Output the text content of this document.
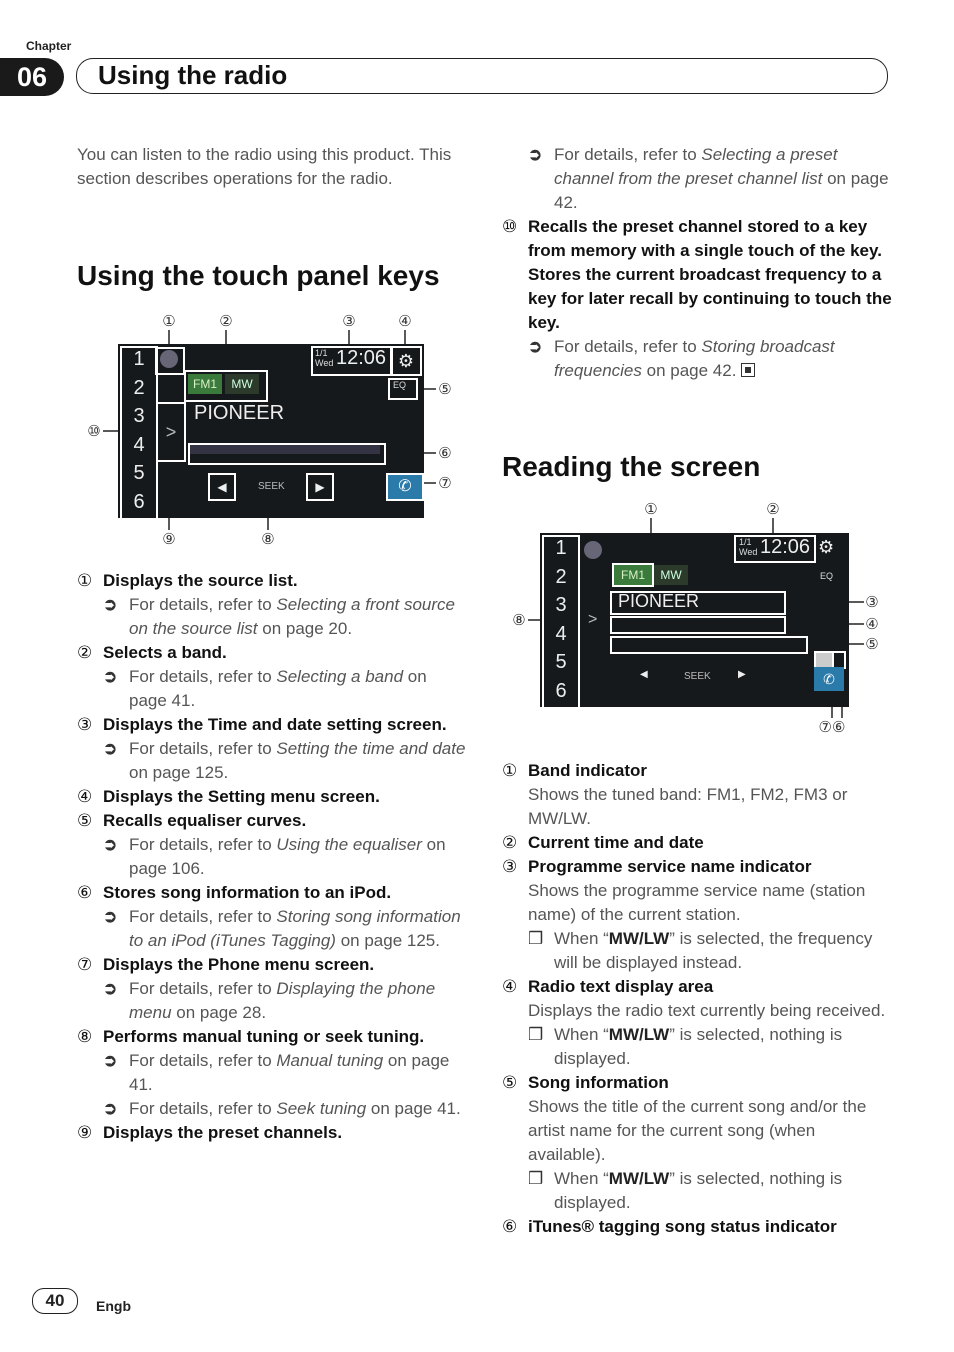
Chapter
06	Using the radio
You can listen to the radio using this product. This section describes operations for the radio.
Using the touch panel keys
1
2
3
4
5
6
FM1	MW
1/1
Wed 12:06 ⚙
EQ
>
PIONEER
✆
◀	SEEK	▶
①	②	③	④
⑤
⑥
⑦
⑧
⑨
⑩
① Displays the source list.
➲ For details, refer to Selecting a front source on the source list on page 20.
② Selects a band.
➲ For details, refer to Selecting a band on page 41.
③ Displays the Time and date setting screen.
➲ For details, refer to Setting the time and date on page 125.
④ Displays the Setting menu screen.
⑤ Recalls equaliser curves.
➲ For details, refer to Using the equaliser on page 106.
⑥ Stores song information to an iPod.
➲ For details, refer to Storing song information to an iPod (iTunes Tagging) on page 125.
⑦ Displays the Phone menu screen.
➲ For details, refer to Displaying the phone menu on page 28.
⑧ Performs manual tuning or seek tuning.
➲ For details, refer to Manual tuning on page 41.
➲ For details, refer to Seek tuning on page 41.
⑨ Displays the preset channels.
➲ For details, refer to Selecting a preset channel from the preset channel list on page 42.
⑩ Recalls the preset channel stored to a key from memory with a single touch of the key.
Stores the current broadcast frequency to a key for later recall by continuing to touch the key.
➲ For details, refer to Storing broadcast frequencies on page 42.
Reading the screen
1
2
3
4
5
6
FM1	MW
1/1
Wed 12:06 ⚙
EQ
>
PIONEER
◀	SEEK	▶	✆
①	②
③
④
⑤
⑦⑥
⑧
① Band indicator
Shows the tuned band: FM1, FM2, FM3 or MW/LW.
② Current time and date
③ Programme service name indicator
Shows the programme service name (station name) of the current station.
❒ When “MW/LW” is selected, the frequency will be displayed instead.
④ Radio text display area
Displays the radio text currently being received.
❒ When “MW/LW” is selected, nothing is displayed.
⑤ Song information
Shows the title of the current song and/or the artist name for the current song (when available).
❒ When “MW/LW” is selected, nothing is displayed.
⑥ iTunes® tagging song status indicator
40	Engb
